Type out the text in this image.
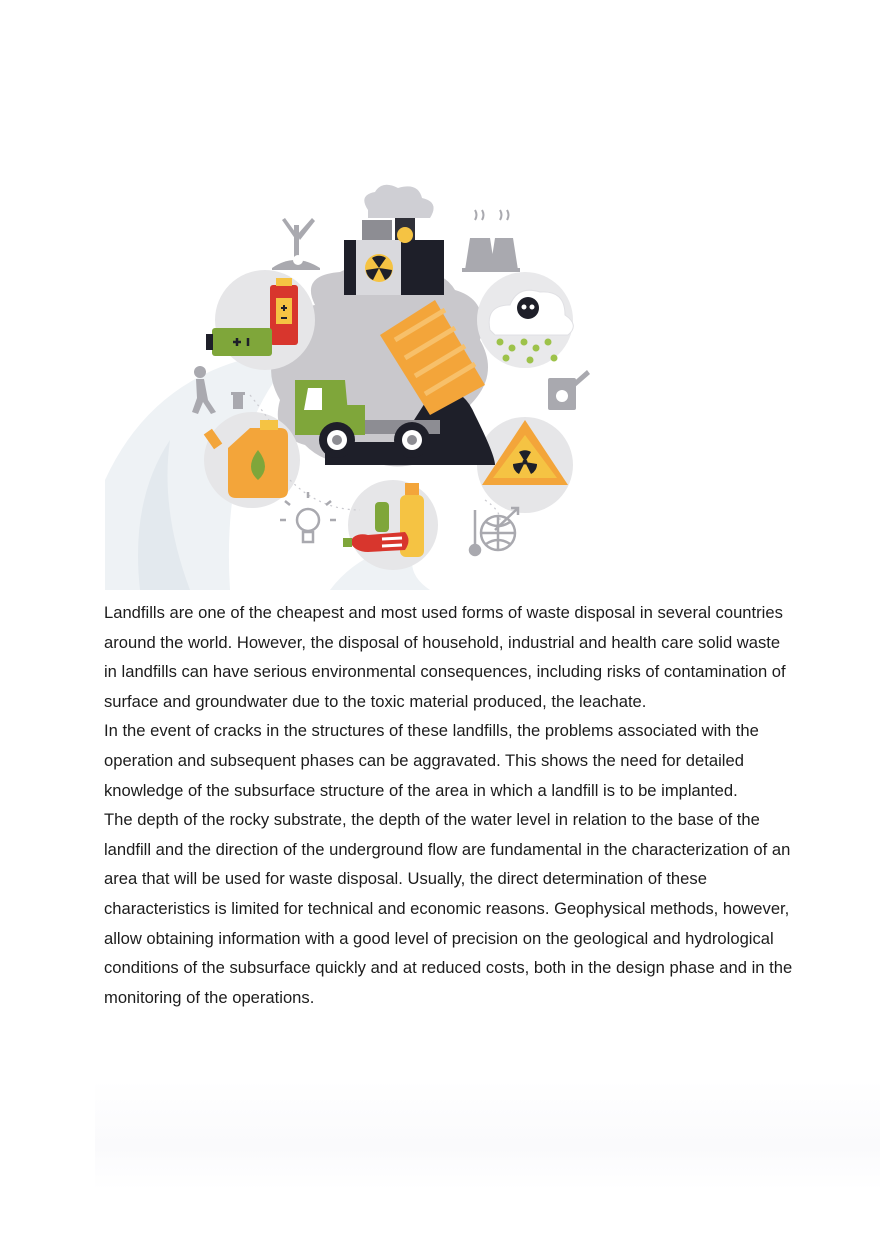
Landfills are one of the cheapest and most used forms of waste disposal in several countries around the world. However, the disposal of household, industrial and health care solid waste in landfills can have serious environmental consequences, including risks of contamination of surface and groundwater due to the toxic material produced, the leachate.

In the event of cracks in the structures of these landfills, the problems associated with the operation and subsequent phases can be aggravated. This shows the need for detailed knowledge of the subsurface structure of the area in which a landfill is to be implanted.

The depth of the rocky substrate, the depth of the water level in relation to the base of the landfill and the direction of the underground flow are fundamental in the characterization of an area that will be used for waste disposal. Usually, the direct determination of these characteristics is limited for technical and economic reasons. Geophysical methods, however, allow obtaining information with a good level of precision on the geological and hydrological conditions of the subsurface quickly and at reduced costs, both in the design phase and in the monitoring of the operations.
